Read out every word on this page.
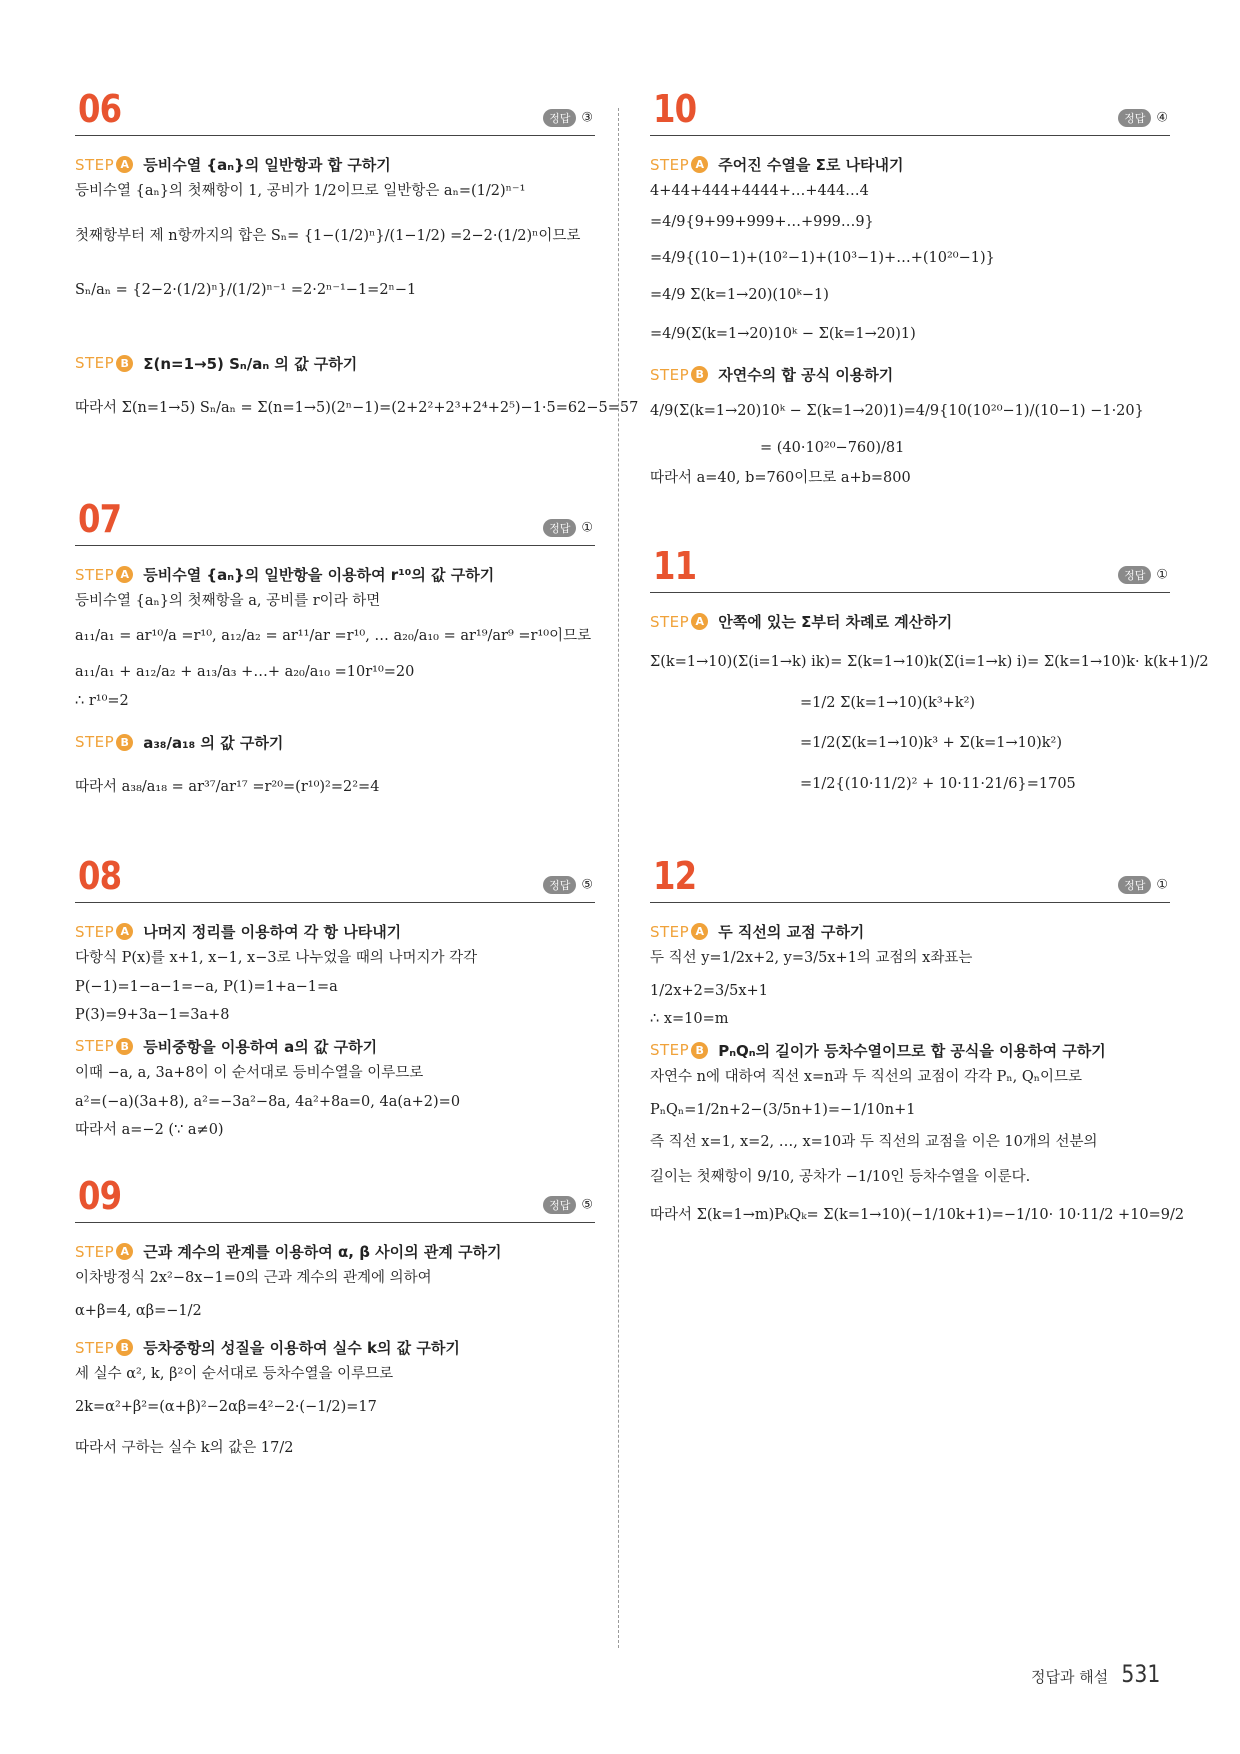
06	정답 ③
STEP A 등비수열 {aₙ}의 일반항과 합 구하기
등비수열 {aₙ}의 첫째항이 1, 공비가 1/2이므로 일반항은 aₙ=(1/2)ⁿ⁻¹
첫째항부터 제 n항까지의 합은 Sₙ= {1−(1/2)ⁿ}/(1−1/2) =2−2·(1/2)ⁿ이므로
Sₙ/aₙ = {2−2·(1/2)ⁿ}/(1/2)ⁿ⁻¹ =2·2ⁿ⁻¹−1=2ⁿ−1
STEP B Σ(n=1→5) Sₙ/aₙ 의 값 구하기
따라서 Σ(n=1→5) Sₙ/aₙ = Σ(n=1→5)(2ⁿ−1)=(2+2²+2³+2⁴+2⁵)−1·5=62−5=57
07	정답 ①
STEP A 등비수열 {aₙ}의 일반항을 이용하여 r¹⁰의 값 구하기
등비수열 {aₙ}의 첫째항을 a, 공비를 r이라 하면
a₁₁/a₁ = ar¹⁰/a =r¹⁰, a₁₂/a₂ = ar¹¹/ar =r¹⁰, … a₂₀/a₁₀ = ar¹⁹/ar⁹ =r¹⁰이므로
a₁₁/a₁ + a₁₂/a₂ + a₁₃/a₃ +…+ a₂₀/a₁₀ =10r¹⁰=20
∴ r¹⁰=2
STEP B a₃₈/a₁₈ 의 값 구하기
따라서 a₃₈/a₁₈ = ar³⁷/ar¹⁷ =r²⁰=(r¹⁰)²=2²=4
08	정답 ⑤
STEP A 나머지 정리를 이용하여 각 항 나타내기
다항식 P(x)를 x+1, x−1, x−3로 나누었을 때의 나머지가 각각
P(−1)=1−a−1=−a, P(1)=1+a−1=a
P(3)=9+3a−1=3a+8
STEP B 등비중항을 이용하여 a의 값 구하기
이때 −a, a, 3a+8이 이 순서대로 등비수열을 이루므로
a²=(−a)(3a+8), a²=−3a²−8a, 4a²+8a=0, 4a(a+2)=0
따라서 a=−2 (∵ a≠0)
09	정답 ⑤
STEP A 근과 계수의 관계를 이용하여 α, β 사이의 관계 구하기
이차방정식 2x²−8x−1=0의 근과 계수의 관계에 의하여
α+β=4, αβ=−1/2
STEP B 등차중항의 성질을 이용하여 실수 k의 값 구하기
세 실수 α², k, β²이 순서대로 등차수열을 이루므로
2k=α²+β²=(α+β)²−2αβ=4²−2·(−1/2)=17
따라서 구하는 실수 k의 값은 17/2
10	정답 ④
STEP A 주어진 수열을 Σ로 나타내기
4+44+444+4444+…+444…4
=4/9{9+99+999+…+999…9}
=4/9{(10−1)+(10²−1)+(10³−1)+…+(10²⁰−1)}
=4/9 Σ(k=1→20)(10ᵏ−1)
=4/9(Σ(k=1→20)10ᵏ − Σ(k=1→20)1)
STEP B 자연수의 합 공식 이용하기
4/9(Σ(k=1→20)10ᵏ − Σ(k=1→20)1)=4/9{10(10²⁰−1)/(10−1) −1·20}
= (40·10²⁰−760)/81
따라서 a=40, b=760이므로 a+b=800
11	정답 ①
STEP A 안쪽에 있는 Σ부터 차례로 계산하기
Σ(k=1→10)(Σ(i=1→k) ik)= Σ(k=1→10)k(Σ(i=1→k) i)= Σ(k=1→10)k· k(k+1)/2
=1/2 Σ(k=1→10)(k³+k²)
=1/2(Σ(k=1→10)k³ + Σ(k=1→10)k²)
=1/2{(10·11/2)² + 10·11·21/6}=1705
12	정답 ①
STEP A 두 직선의 교점 구하기
두 직선 y=1/2x+2, y=3/5x+1의 교점의 x좌표는
1/2x+2=3/5x+1
∴ x=10=m
STEP B PₙQₙ의 길이가 등차수열이므로 합 공식을 이용하여 구하기
자연수 n에 대하여 직선 x=n과 두 직선의 교점이 각각 Pₙ, Qₙ이므로
PₙQₙ=1/2n+2−(3/5n+1)=−1/10n+1
즉 직선 x=1, x=2, …, x=10과 두 직선의 교점을 이은 10개의 선분의
길이는 첫째항이 9/10, 공차가 −1/10인 등차수열을 이룬다.
따라서 Σ(k=1→m)PₖQₖ= Σ(k=1→10)(−1/10k+1)=−1/10· 10·11/2 +10=9/2
정답과 해설 531
